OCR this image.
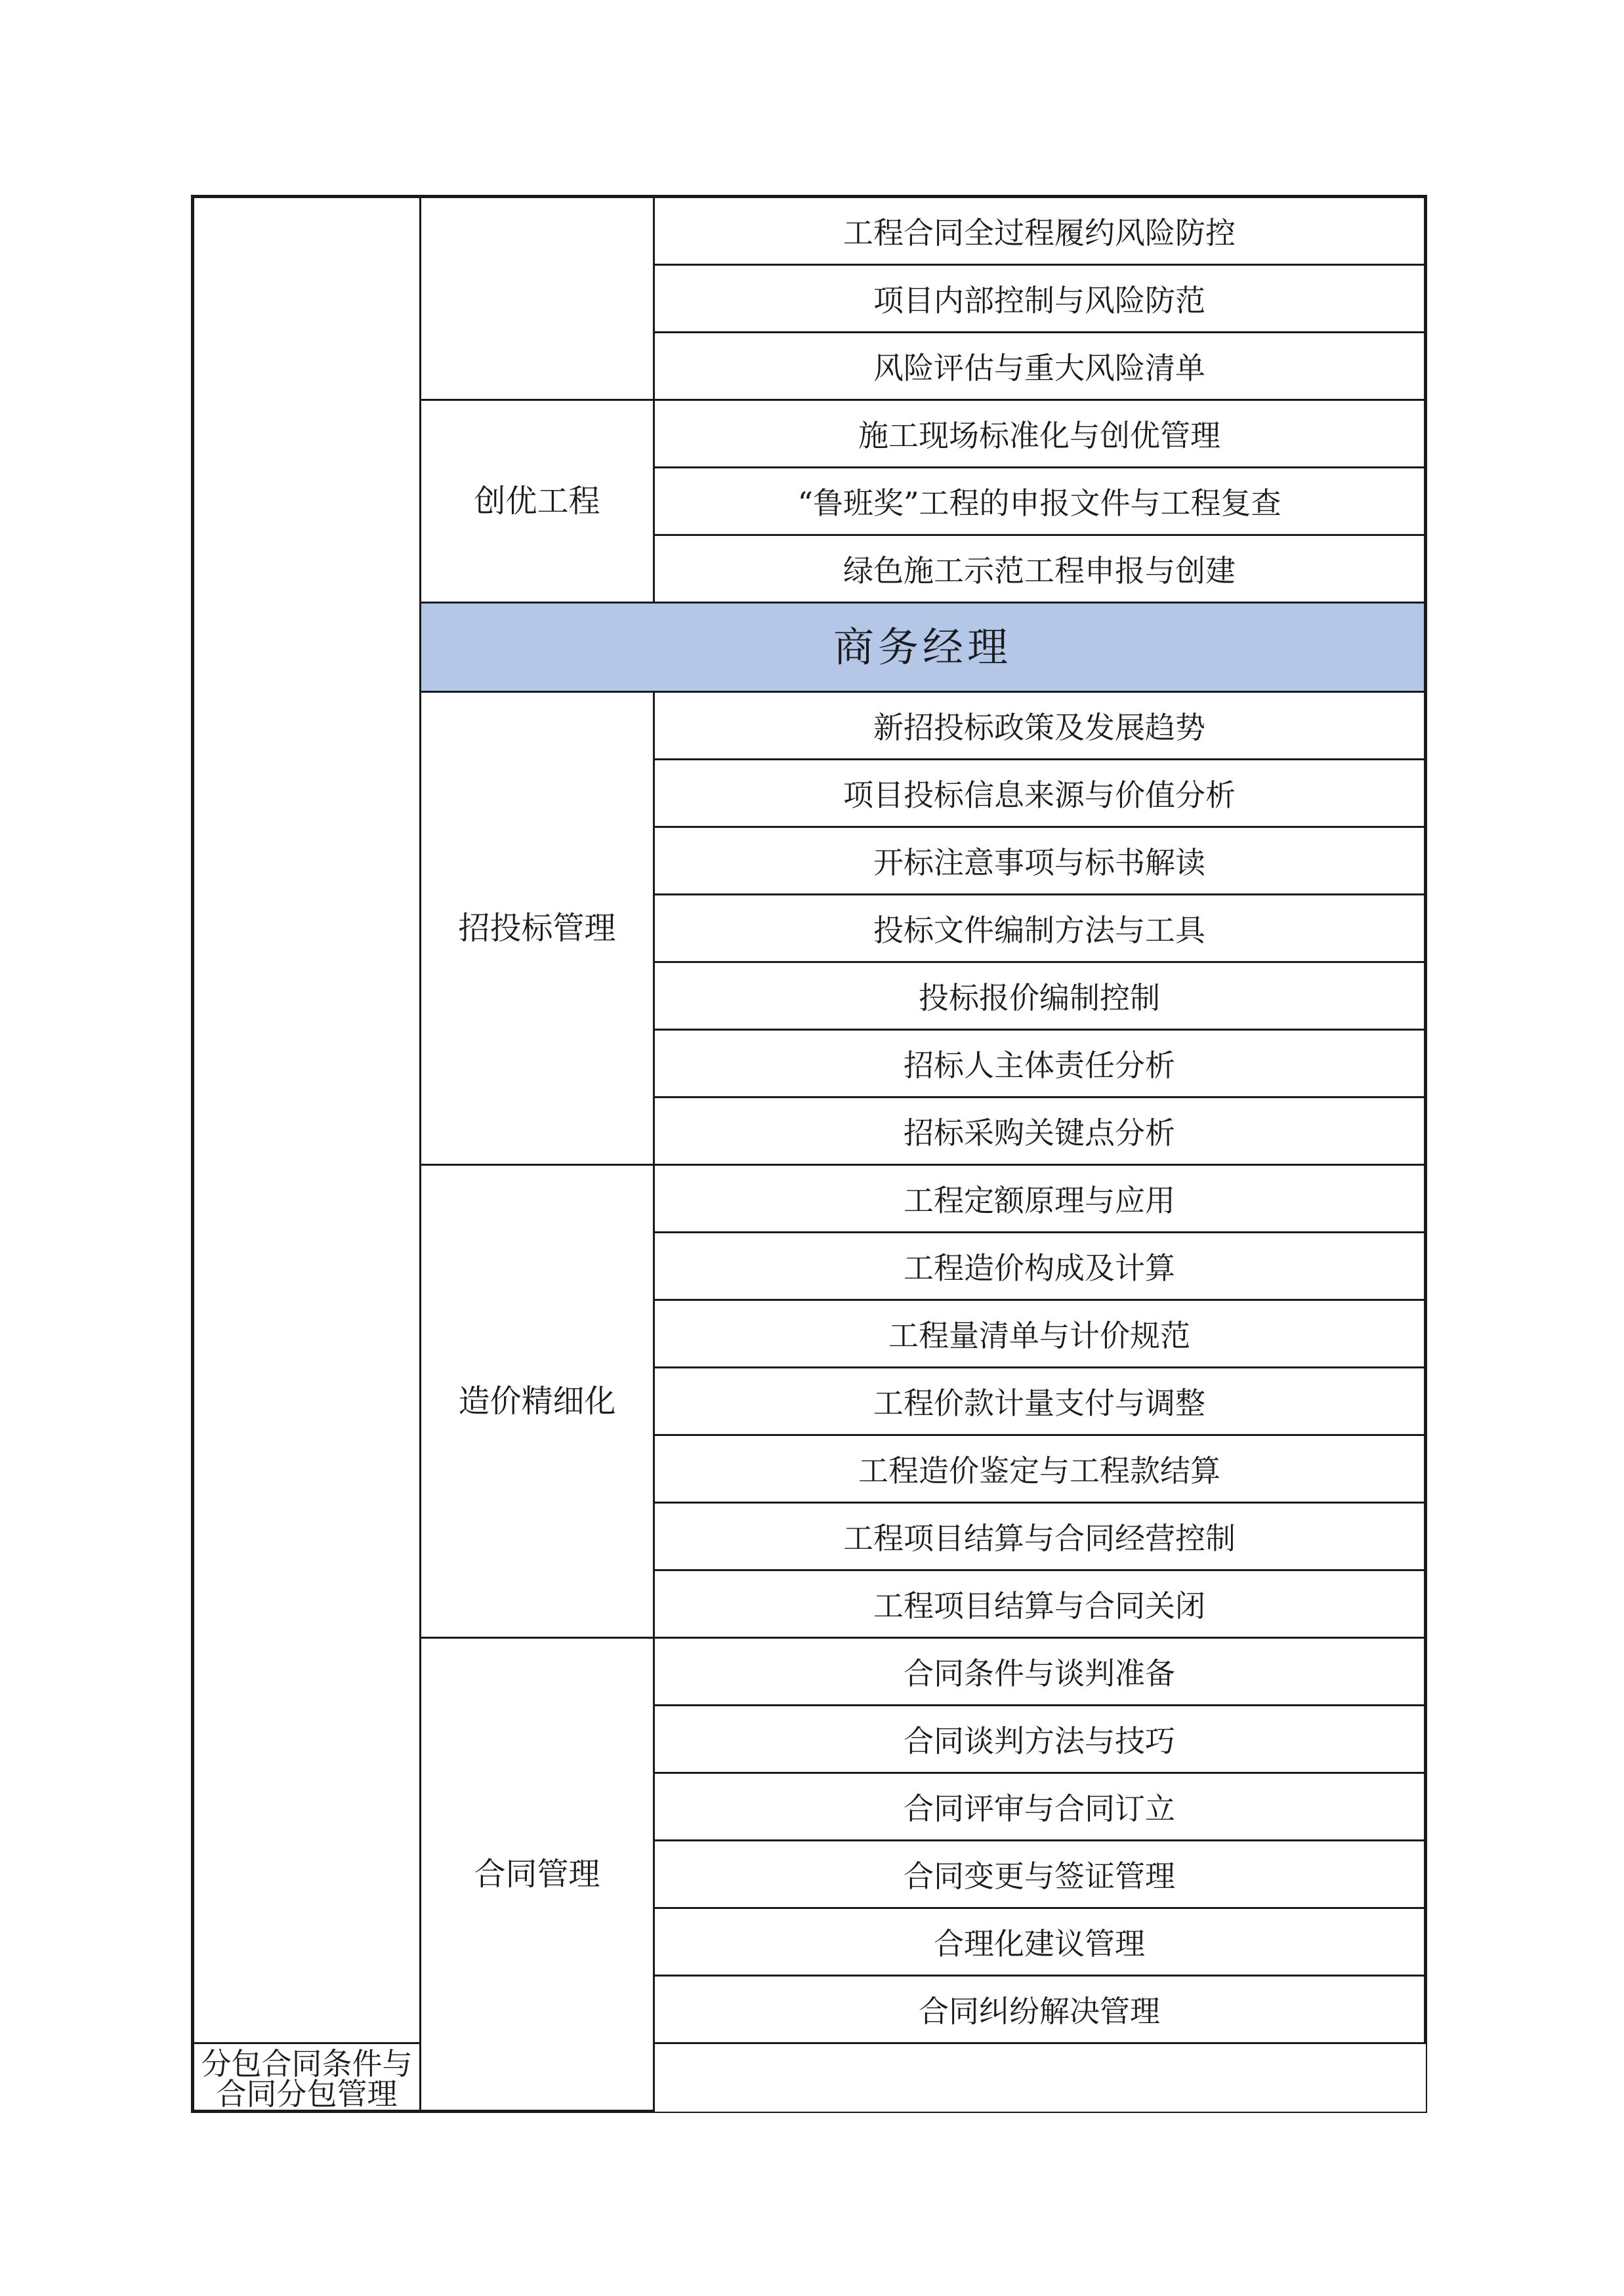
		工程合同全过程履约风险防控
		项目内部控制与风险防范
		风险评估与重大风险清单
	创优工程	施工现场标准化与创优管理
		“鲁班奖”工程的申报文件与工程复查
		绿色施工示范工程申报与创建
	商务经理	
	招投标管理	新招投标政策及发展趋势
		项目投标信息来源与价值分析
		开标注意事项与标书解读
		投标文件编制方法与工具
		投标报价编制控制
		招标人主体责任分析
		招标采购关键点分析
	造价精细化	工程定额原理与应用
		工程造价构成及计算
		工程量清单与计价规范
		工程价款计量支付与调整
		工程造价鉴定与工程款结算
		工程项目结算与合同经营控制
		工程项目结算与合同关闭
	合同管理	合同条件与谈判准备
		合同谈判方法与技巧
		合同评审与合同订立
		合同变更与签证管理
		合理化建议管理
		合同纠纷解决管理
分包合同条件与合同分包管理		
